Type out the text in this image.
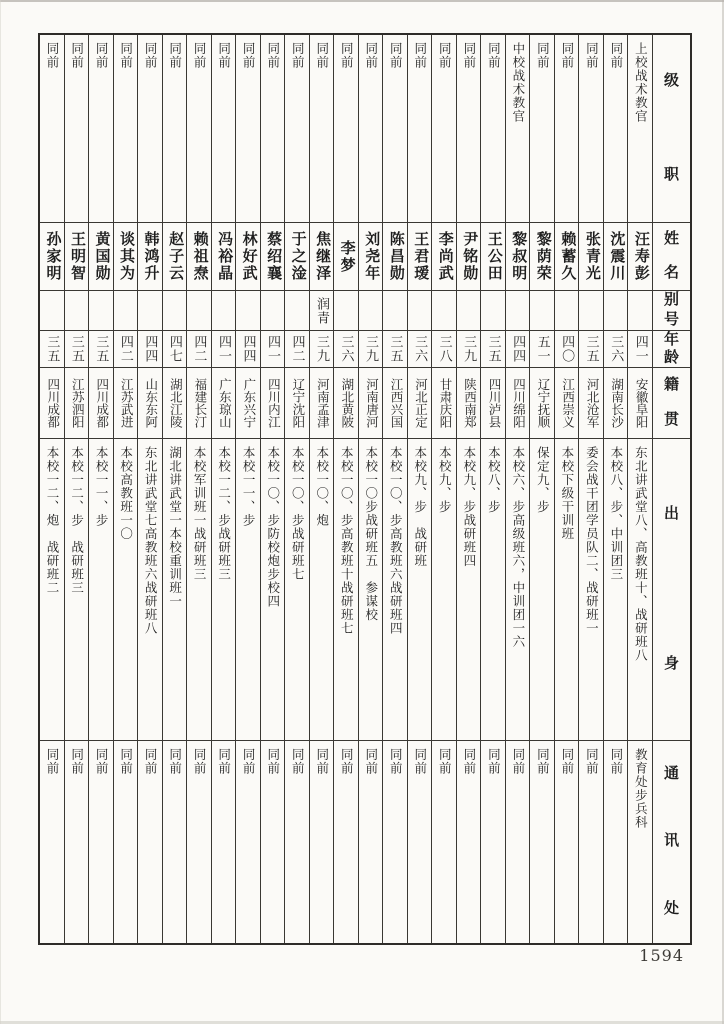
级
职
姓
名
别
号
年
龄
籍
贯
出
身
通
讯
处
上校战术教官
汪寿彭
四一
安徽阜阳
东北讲武堂八、高教班十、战研班八
教育处步兵科
同前
沈震川
三六
湖南长沙
本校八、步、中训团三
同前
同前
张青光
三五
河北沧军
委会战干团学员队二、战研班一
同前
同前
赖蓄久
四〇
江西崇义
本校下级干训班
同前
同前
黎荫荣
五一
辽宁抚顺
保定九、步
同前
中校战术教官
黎叔明
四四
四川绵阳
本校六、步高级班六，中训团一六
同前
同前
王公田
三五
四川泸县
本校八、步
同前
同前
尹铭勋
三九
陕西南郑
本校九、步战研班四
同前
同前
李尚武
三八
甘肃庆阳
本校九、步
同前
同前
王君瑷
三六
河北正定
本校九、步　战研班
同前
同前
陈昌勋
三五
江西兴国
本校一〇、步高教班六战研班四
同前
同前
刘尧年
三九
河南唐河
本校一〇步战研班五　参谋校
同前
同前
李梦
三六
湖北黄陂
本校一〇、步高教班十战研班七
同前
同前
焦继泽
润青
三九
河南孟津
本校一〇、炮
同前
同前
于之淦
四二
辽宁沈阳
本校一〇、步战研班七
同前
同前
蔡绍襄
四一
四川内江
本校一〇、步防校炮步校四
同前
同前
林好武
四四
广东兴宁
本校一一、步
同前
同前
冯裕晶
四一
广东琼山
本校一二、步战研班三
同前
同前
赖祖焘
四二
福建长汀
本校军训班一战研班三
同前
同前
赵子云
四七
湖北江陵
湖北讲武堂一本校重训班一
同前
同前
韩鸿升
四四
山东东阿
东北讲武堂七高教班六战研班八
同前
同前
谈其为
四二
江苏武进
本校高教班一〇
同前
同前
黄国勋
三五
四川成都
本校一一、步
同前
同前
王明智
三五
江苏泗阳
本校一二、步　战研班三
同前
同前
孙家明
三五
四川成都
本校一二、炮　战研班二
同前
1594
